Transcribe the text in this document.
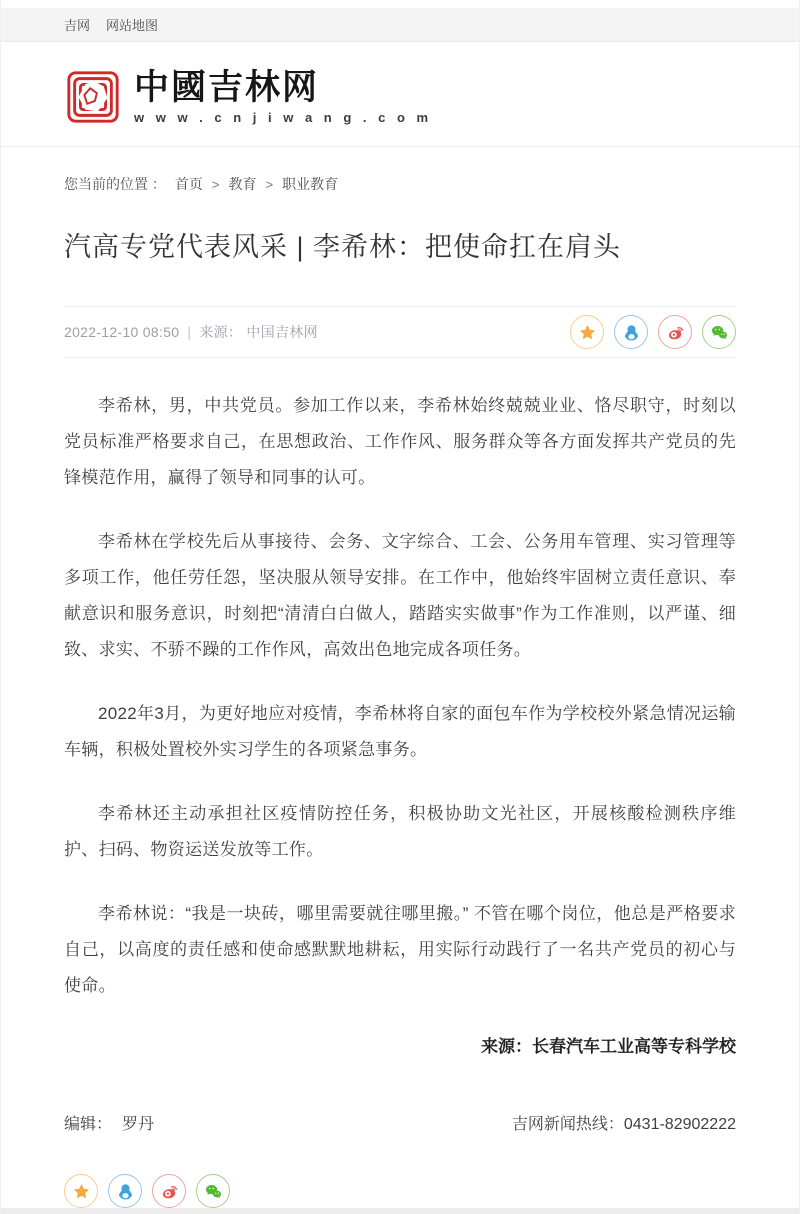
吉网 网站地图
中國吉林网
w w w . c n j i w a n g . c o m
您当前的位置 ： 首页 > 教育 > 职业教育
汽高专党代表风采 | 李希林：把使命扛在肩头
2022-12-10 08:50 | 来源： 中国吉林网

李希林，男，中共党员。参加工作以来，李希林始终兢兢业业、恪尽职守，时刻以党员标准严格要求自己，在思想政治、工作作风、服务群众等各方面发挥共产党员的先锋模范作用，赢得了领导和同事的认可。

李希林在学校先后从事接待、会务、文字综合、工会、公务用车管理、实习管理等多项工作，他任劳任怨，坚决服从领导安排。在工作中，他始终牢固树立责任意识、奉献意识和服务意识，时刻把“清清白白做人，踏踏实实做事”作为工作准则，以严谨、细致、求实、不骄不躁的工作作风，高效出色地完成各项任务。

2022年3月，为更好地应对疫情，李希林将自家的面包车作为学校校外紧急情况运输车辆，积极处置校外实习学生的各项紧急事务。

李希林还主动承担社区疫情防控任务，积极协助文光社区，开展核酸检测秩序维护、扫码、物资运送发放等工作。

李希林说：“我是一块砖，哪里需要就往哪里搬。” 不管在哪个岗位，他总是严格要求自己，以高度的责任感和使命感默默地耕耘，用实际行动践行了一名共产党员的初心与使命。

来源：长春汽车工业高等专科学校
编辑： 罗丹	吉网新闻热线：0431-82902222
